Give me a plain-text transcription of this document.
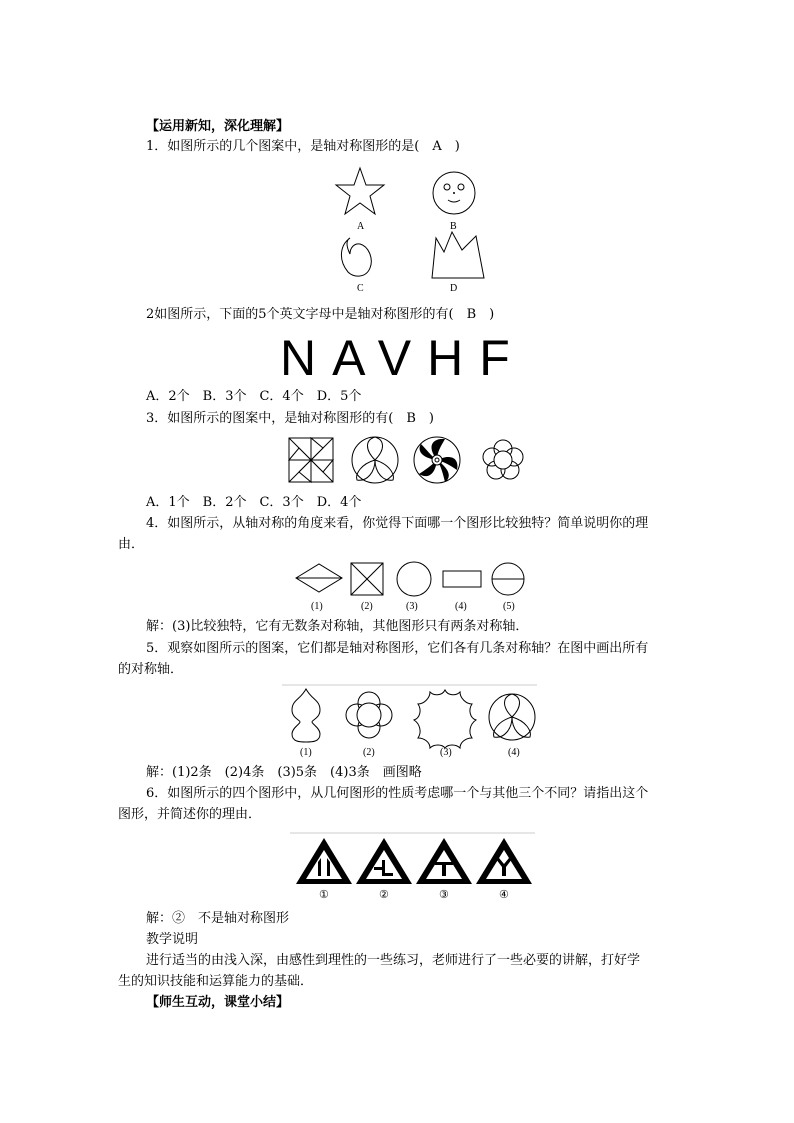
【运用新知，深化理解】
1．如图所示的几个图案中，是轴对称图形的是(　A　)
A	B
C	D
2如图所示，下面的5个英文字母中是轴对称图形的有(　B　)
NAVHF
A．2个　B．3个　C．4个　D．5个
3．如图所示的图案中，是轴对称图形的有(　B　)
A．1个　B．2个　C．3个　D．4个
4．如图所示，从轴对称的角度来看，你觉得下面哪一个图形比较独特？简单说明你的理
由．
(1)	(2)	(3)	(4)	(5)
解：(3)比较独特，它有无数条对称轴，其他图形只有两条对称轴．
5．观察如图所示的图案，它们都是轴对称图形，它们各有几条对称轴？在图中画出所有
的对称轴．
(1)	(2)	(3)	(4)
解：(1)2条　(2)4条　(3)5条　(4)3条　画图略
6．如图所示的四个图形中，从几何图形的性质考虑哪一个与其他三个不同？请指出这个
图形，并简述你的理由．
①	②	③	④
解：②　不是轴对称图形
教学说明
进行适当的由浅入深，由感性到理性的一些练习，老师进行了一些必要的讲解，打好学
生的知识技能和运算能力的基础．
【师生互动，课堂小结】
